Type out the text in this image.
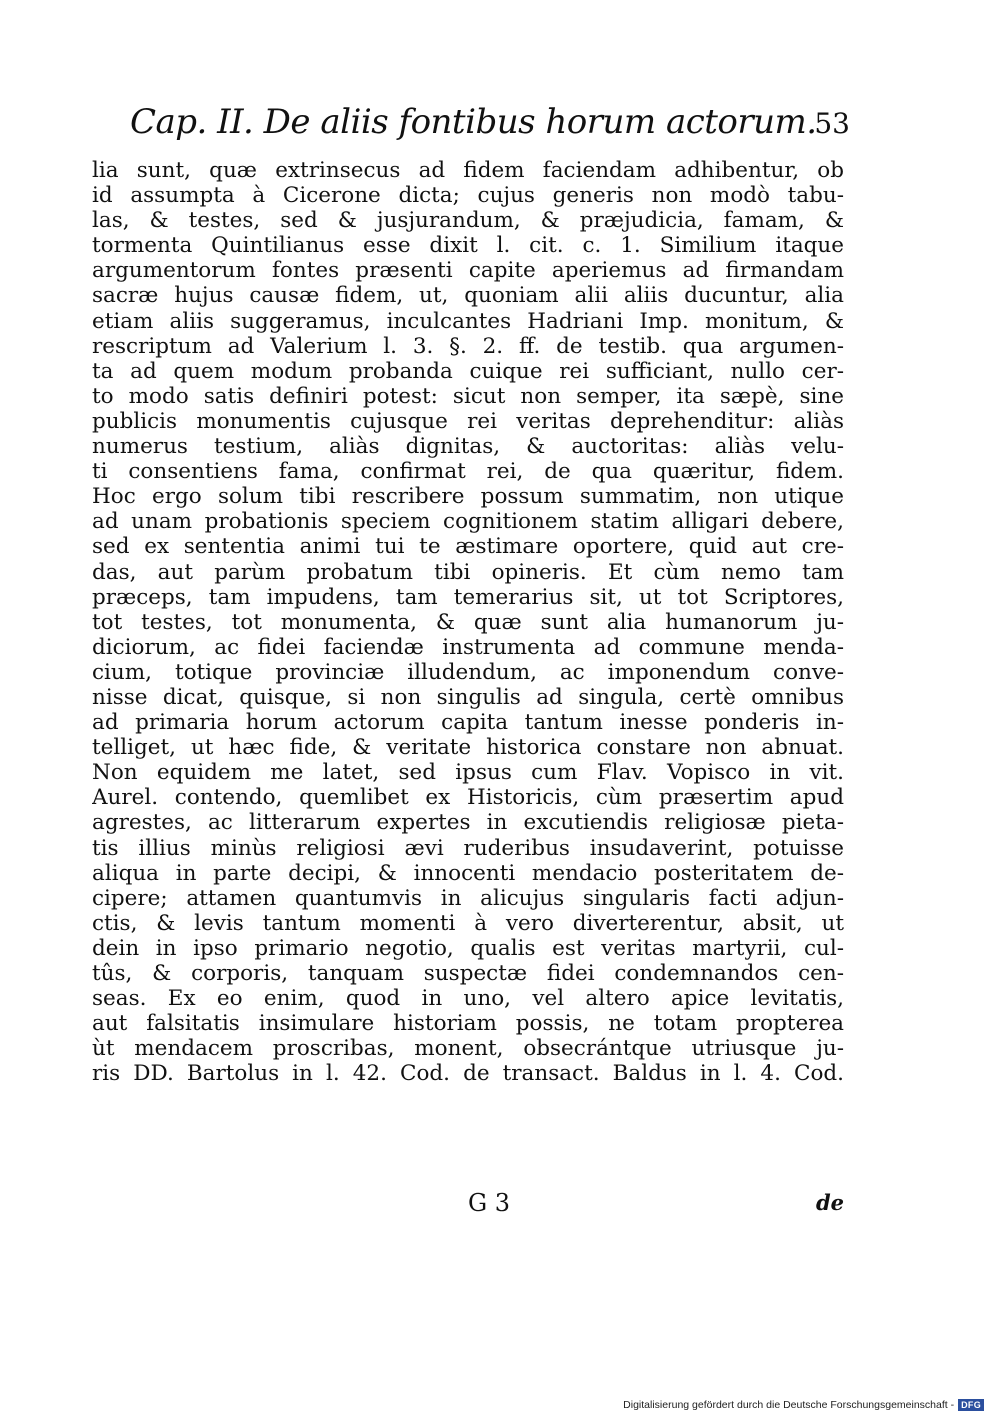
Cap. II. De aliis fontibus horum actorum.
53
lia sunt, quæ extrinsecus ad fidem faciendam adhibentur, ob
id assumpta à Cicerone dicta; cujus generis non modò tabu-
las, & testes, sed & jusjurandum, & præjudicia, famam, &
tormenta Quintilianus esse dixit l. cit. c. 1. Similium itaque
argumentorum fontes præsenti capite aperiemus ad firmandam
sacræ hujus causæ fidem, ut, quoniam alii aliis ducuntur, alia
etiam aliis suggeramus, inculcantes Hadriani Imp. monitum, &
rescriptum ad Valerium l. 3. §. 2. ff. de testib. qua argumen-
ta ad quem modum probanda cuique rei sufficiant, nullo cer-
to modo satis definiri potest: sicut non semper, ita sæpè, sine
publicis monumentis cujusque rei veritas deprehenditur: aliàs
numerus testium, aliàs dignitas, & auctoritas: aliàs velu-
ti consentiens fama, confirmat rei, de qua quæritur, fidem.
Hoc ergo solum tibi rescribere possum summatim, non utique
ad unam probationis speciem cognitionem statim alligari debere,
sed ex sententia animi tui te æstimare oportere, quid aut cre-
das, aut parùm probatum tibi opineris. Et cùm nemo tam
præceps, tam impudens, tam temerarius sit, ut tot Scriptores,
tot testes, tot monumenta, & quæ sunt alia humanorum ju-
diciorum, ac fidei faciendæ instrumenta ad commune menda-
cium, totique provinciæ illudendum, ac imponendum conve-
nisse dicat, quisque, si non singulis ad singula, certè omnibus
ad primaria horum actorum capita tantum inesse ponderis in-
telliget, ut hæc fide, & veritate historica constare non abnuat.
Non equidem me latet, sed ipsus cum Flav. Vopisco in vit.
Aurel. contendo, quemlibet ex Historicis, cùm præsertim apud
agrestes, ac litterarum expertes in excutiendis religiosæ pieta-
tis illius minùs religiosi ævi ruderibus insudaverint, potuisse
aliqua in parte decipi, & innocenti mendacio posteritatem de-
cipere; attamen quantumvis in alicujus singularis facti adjun-
ctis, & levis tantum momenti à vero diverterentur, absit, ut
dein in ipso primario negotio, qualis est veritas martyrii, cul-
tûs, & corporis, tanquam suspectæ fidei condemnandos cen-
seas. Ex eo enim, quod in uno, vel altero apice levitatis,
aut falsitatis insimulare historiam possis, ne totam propterea
ùt mendacem proscribas, monent, obsecrántque utriusque ju-
ris DD. Bartolus in l. 42. Cod. de transact. Baldus in l. 4. Cod.
G 3	de
Digitalisierung gefördert durch die Deutsche Forschungsgemeinschaft - DFG
